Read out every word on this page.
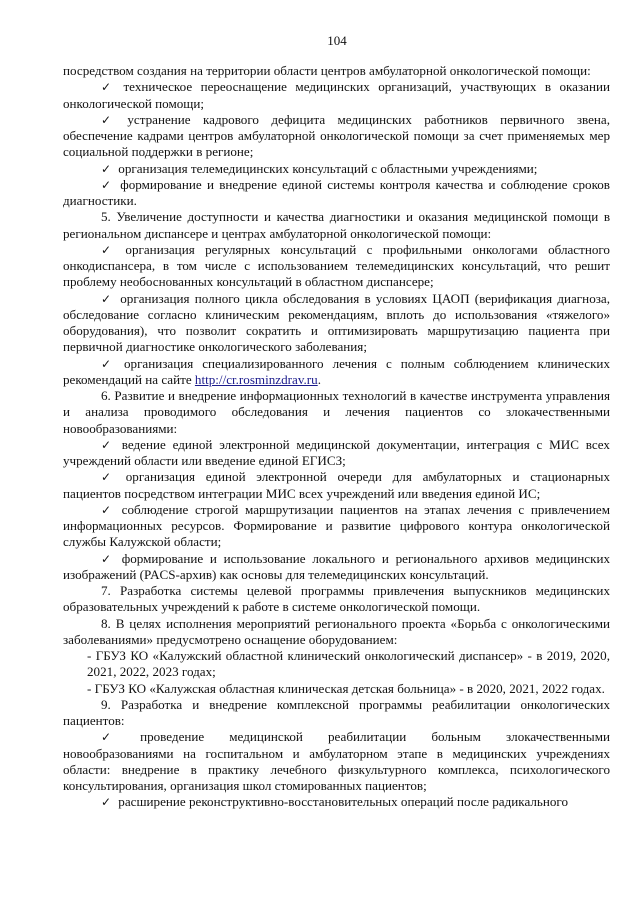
104

посредством создания на территории области центров амбулаторной онкологической помощи:

✓ техническое переоснащение медицинских организаций, участвующих в оказании онкологической помощи;

✓ устранение кадрового дефицита медицинских работников первичного звена, обеспечение кадрами центров амбулаторной онкологической помощи за счет применяемых мер социальной поддержки в регионе;

✓ организация телемедицинских консультаций с областными учреждениями;

✓ формирование и внедрение единой системы контроля качества и соблюдение сроков диагностики.

5. Увеличение доступности и качества диагностики и оказания медицинской помощи в региональном диспансере и центрах амбулаторной онкологической помощи:

✓ организация регулярных консультаций с профильными онкологами областного онкодиспансера, в том числе с использованием телемедицинских консультаций, что решит проблему необоснованных консультаций в областном диспансере;

✓ организация полного цикла обследования в условиях ЦАОП (верификация диагноза, обследование согласно клиническим рекомендациям, вплоть до использования «тяжелого» оборудования), что позволит сократить и оптимизировать маршрутизацию пациента при первичной диагностике онкологического заболевания;

✓ организация специализированного лечения с полным соблюдением клинических рекомендаций на сайте http://cr.rosminzdrav.ru.

6. Развитие и внедрение информационных технологий в качестве инструмента управления и анализа проводимого обследования и лечения пациентов со злокачественными новообразованиями:

✓ ведение единой электронной медицинской документации, интеграция с МИС всех учреждений области или введение единой ЕГИСЗ;

✓ организация единой электронной очереди для амбулаторных и стационарных пациентов посредством интеграции МИС всех учреждений или введения единой ИС;

✓ соблюдение строгой маршрутизации пациентов на этапах лечения с привлечением информационных ресурсов. Формирование и развитие цифрового контура онкологической службы Калужской области;

✓ формирование и использование локального и регионального архивов медицинских изображений (PACS-архив) как основы для телемедицинских консультаций.

7. Разработка системы целевой программы привлечения выпускников медицинских образовательных учреждений к работе в системе онкологической помощи.

8. В целях исполнения мероприятий регионального проекта «Борьба с онкологическими заболеваниями» предусмотрено оснащение оборудованием:

- ГБУЗ КО «Калужский областной клинический онкологический диспансер» - в 2019, 2020, 2021, 2022, 2023 годах;

- ГБУЗ КО «Калужская областная клиническая детская больница» - в 2020, 2021, 2022 годах.

9. Разработка и внедрение комплексной программы реабилитации онкологических пациентов:

✓ проведение медицинской реабилитации больным злокачественными новообразованиями на госпитальном и амбулаторном этапе в медицинских учреждениях области: внедрение в практику лечебного физкультурного комплекса, психологического консультирования, организация школ стомированных пациентов;

✓ расширение реконструктивно-восстановительных операций после радикального
